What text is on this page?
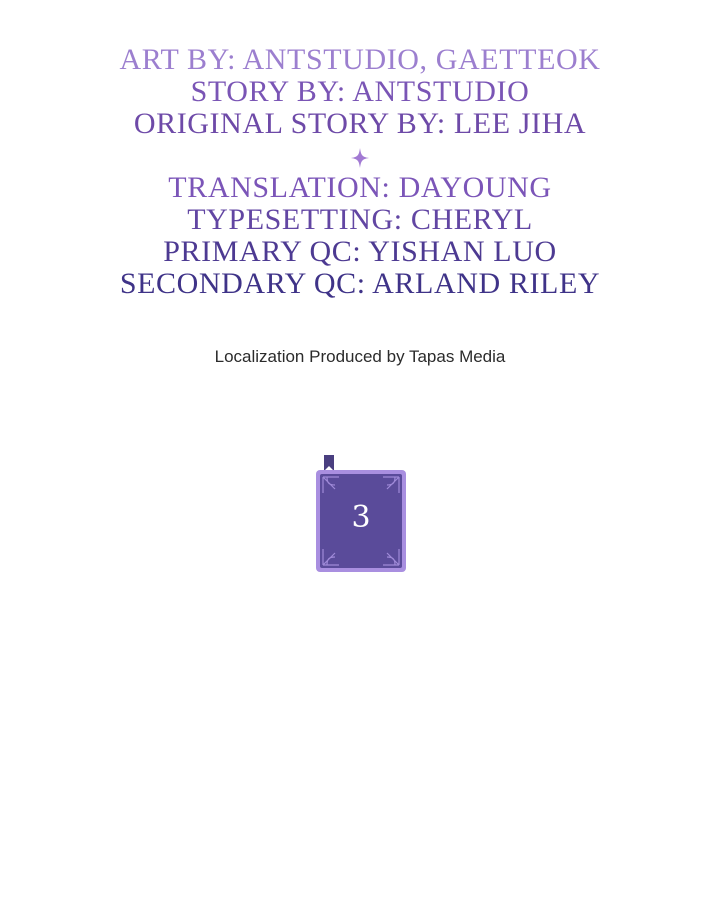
ART BY: ANTSTUDIO, GAETTEOK
STORY BY: ANTSTUDIO
ORIGINAL STORY BY: LEE JIHA
TRANSLATION: DAYOUNG
TYPESETTING: CHERYL
PRIMARY QC: YISHAN LUO
SECONDARY QC: ARLAND RILEY
Localization Produced by Tapas Media
3
